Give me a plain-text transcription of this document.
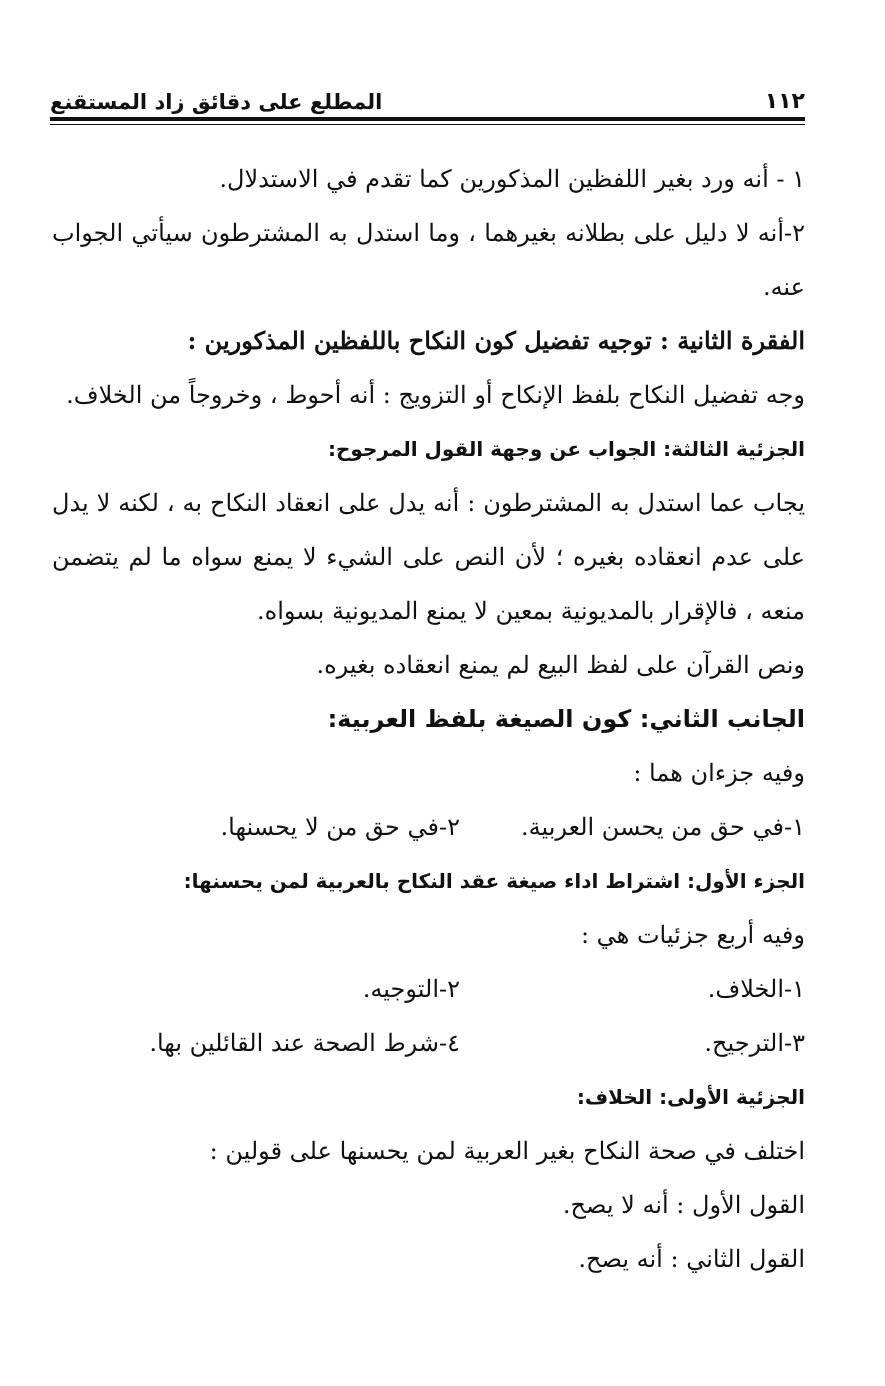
١١٢
المطلع على دقائق زاد المستقنع

١ - أنه ورد بغير اللفظين المذكورين كما تقدم في الاستدلال.

٢-أنه لا دليل على بطلانه بغيرهما ، وما استدل به المشترطون سيأتي الجواب عنه.

الفقرة الثانية : توجيه تفضيل كون النكاح باللفظين المذكورين :

وجه تفضيل النكاح بلفظ الإنكاح أو التزويج : أنه أحوط ، وخروجاً من الخلاف.

الجزئية الثالثة: الجواب عن وجهة القول المرجوح:

يجاب عما استدل به المشترطون : أنه يدل على انعقاد النكاح به ، لكنه لا يدل على عدم انعقاده بغيره ؛ لأن النص على الشيء لا يمنع سواه ما لم يتضمن منعه ، فالإقرار بالمديونية بمعين لا يمنع المديونية بسواه.

ونص القرآن على لفظ البيع لم يمنع انعقاده بغيره.

الجانب الثاني: كون الصيغة بلفظ العربية:

وفيه جزءان هما :

١-في حق من يحسن العربية.
٢-في حق من لا يحسنها.

الجزء الأول: اشتراط اداء صيغة عقد النكاح بالعربية لمن يحسنها:

وفيه أربع جزئيات هي :

١-الخلاف.
٢-التوجيه.
٣-الترجيح.
٤-شرط الصحة عند القائلين بها.

الجزئية الأولى: الخلاف:

اختلف في صحة النكاح بغير العربية لمن يحسنها على قولين :

القول الأول : أنه لا يصح.

القول الثاني : أنه يصح.
